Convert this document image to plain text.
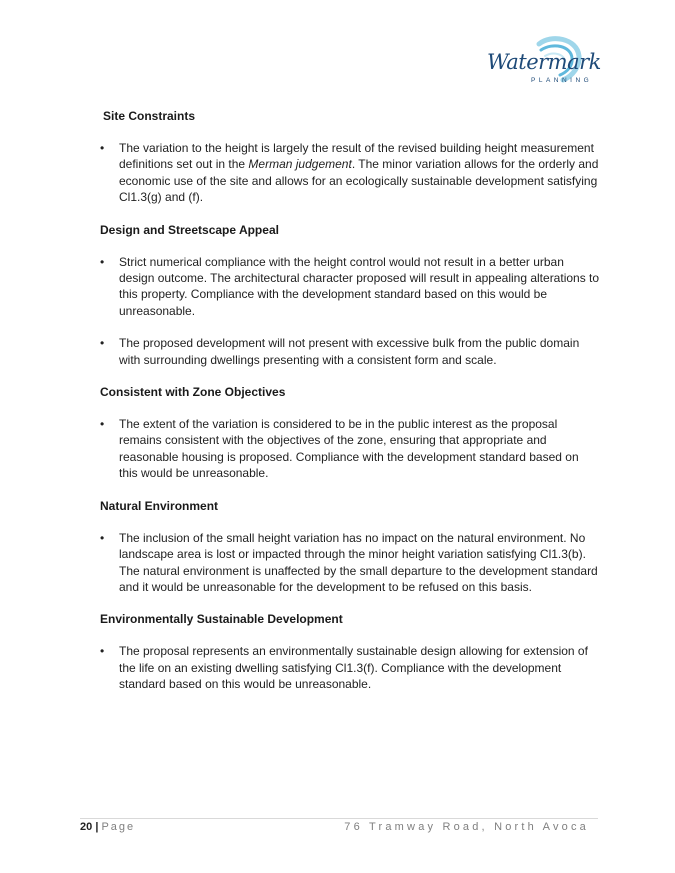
Watermark
PLANNING
Site Constraints
• The variation to the height is largely the result of the revised building height measurement definitions set out in the Merman judgement. The minor variation allows for the orderly and economic use of the site and allows for an ecologically sustainable development satisfying Cl1.3(g) and (f).
Design and Streetscape Appeal
• Strict numerical compliance with the height control would not result in a better urban design outcome. The architectural character proposed will result in appealing alterations to this property. Compliance with the development standard based on this would be unreasonable.
• The proposed development will not present with excessive bulk from the public domain with surrounding dwellings presenting with a consistent form and scale.
Consistent with Zone Objectives
• The extent of the variation is considered to be in the public interest as the proposal remains consistent with the objectives of the zone, ensuring that appropriate and reasonable housing is proposed. Compliance with the development standard based on this would be unreasonable.
Natural Environment
• The inclusion of the small height variation has no impact on the natural environment. No landscape area is lost or impacted through the minor height variation satisfying Cl1.3(b). The natural environment is unaffected by the small departure to the development standard and it would be unreasonable for the development to be refused on this basis.
Environmentally Sustainable Development
• The proposal represents an environmentally sustainable design allowing for extension of the life on an existing dwelling satisfying Cl1.3(f). Compliance with the development standard based on this would be unreasonable.
20 | Page	76 Tramway Road, North Avoca
